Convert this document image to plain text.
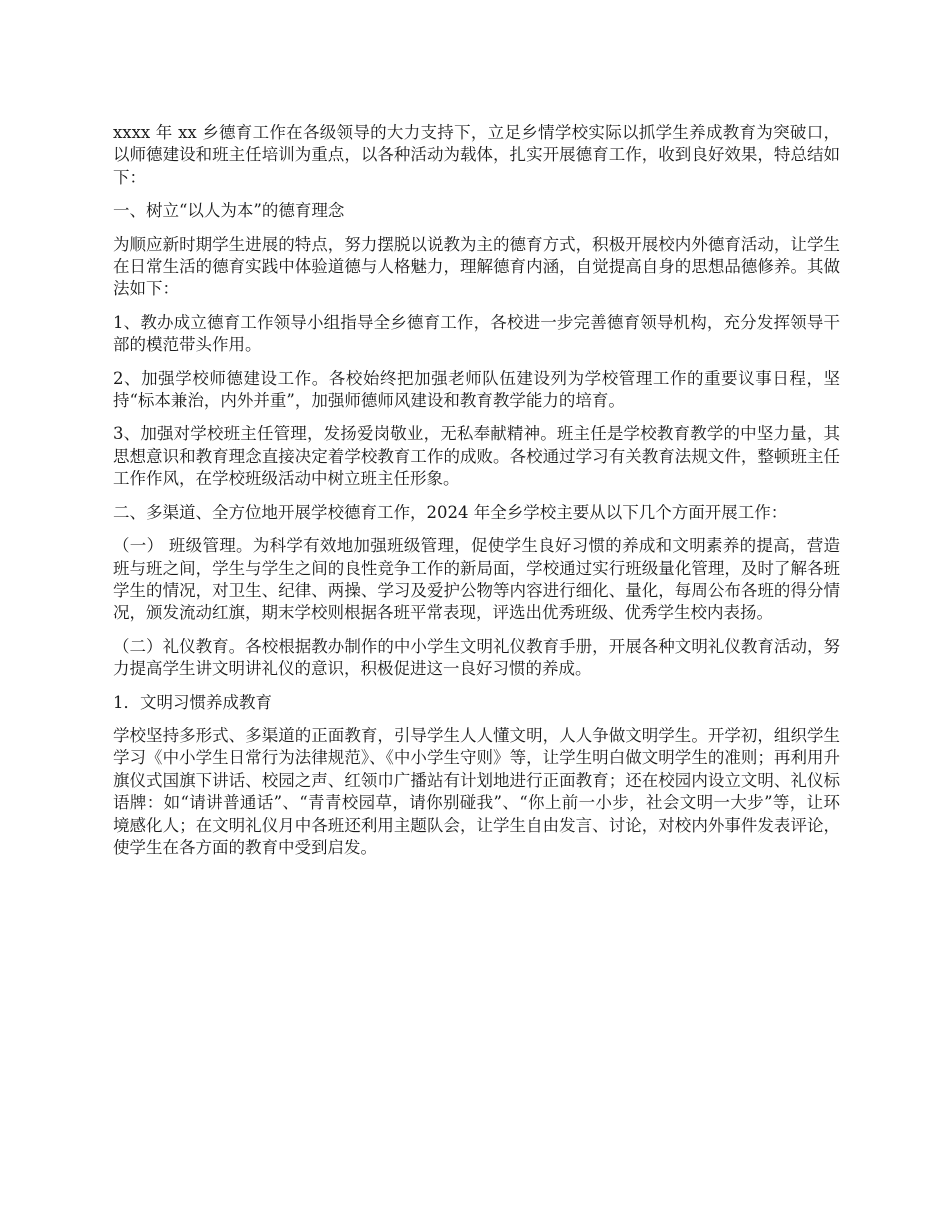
xxxx 年 xx 乡德育工作在各级领导的大力支持下，立足乡情学校实际以抓学生养成教育为突破口，以师德建设和班主任培训为重点，以各种活动为载体，扎实开展德育工作，收到良好效果，特总结如下：

一、树立“以人为本”的德育理念

为顺应新时期学生进展的特点，努力摆脱以说教为主的德育方式，积极开展校内外德育活动，让学生在日常生活的德育实践中体验道德与人格魅力，理解德育内涵，自觉提高自身的思想品德修养。其做法如下：

1、教办成立德育工作领导小组指导全乡德育工作，各校进一步完善德育领导机构，充分发挥领导干部的模范带头作用。

2、加强学校师德建设工作。各校始终把加强老师队伍建设列为学校管理工作的重要议事日程，坚持“标本兼治，内外并重”，加强师德师风建设和教育教学能力的培育。

3、加强对学校班主任管理，发扬爱岗敬业，无私奉献精神。班主任是学校教育教学的中坚力量，其思想意识和教育理念直接决定着学校教育工作的成败。各校通过学习有关教育法规文件，整顿班主任工作作风，在学校班级活动中树立班主任形象。

二、多渠道、全方位地开展学校德育工作，2024 年全乡学校主要从以下几个方面开展工作：

（一） 班级管理。为科学有效地加强班级管理，促使学生良好习惯的养成和文明素养的提高，营造班与班之间，学生与学生之间的良性竞争工作的新局面，学校通过实行班级量化管理，及时了解各班学生的情况，对卫生、纪律、两操、学习及爱护公物等内容进行细化、量化，每周公布各班的得分情况，颁发流动红旗，期末学校则根据各班平常表现，评选出优秀班级、优秀学生校内表扬。

（二）礼仪教育。各校根据教办制作的中小学生文明礼仪教育手册，开展各种文明礼仪教育活动，努力提高学生讲文明讲礼仪的意识，积极促进这一良好习惯的养成。

1．文明习惯养成教育

学校坚持多形式、多渠道的正面教育，引导学生人人懂文明，人人争做文明学生。开学初，组织学生学习《中小学生日常行为法律规范》、《中小学生守则》等，让学生明白做文明学生的准则；再利用升旗仪式国旗下讲话、校园之声、红领巾广播站有计划地进行正面教育；还在校园内设立文明、礼仪标语牌：如“请讲普通话”、“青青校园草，请你别碰我”、“你上前一小步，社会文明一大步”等，让环境感化人；在文明礼仪月中各班还利用主题队会，让学生自由发言、讨论，对校内外事件发表评论，使学生在各方面的教育中受到启发。
